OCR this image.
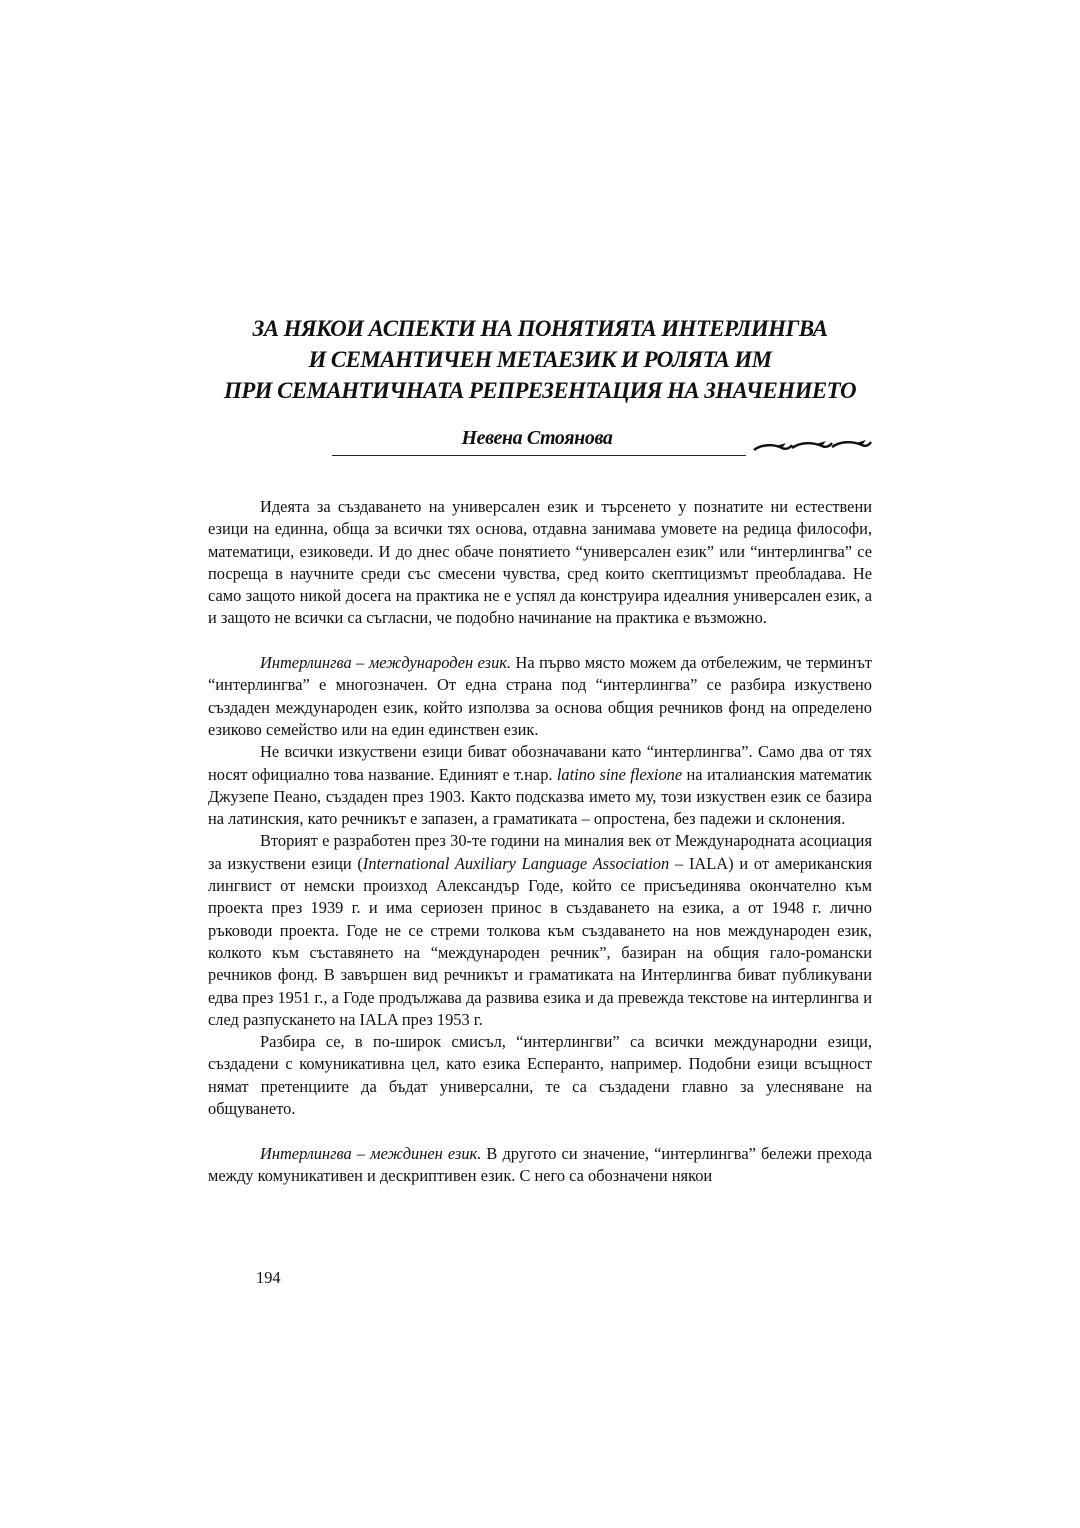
ЗА НЯКОИ АСПЕКТИ НА ПОНЯТИЯТА ИНТЕРЛИНГВА
И СЕМАНТИЧЕН МЕТАЕЗИК И РОЛЯТА ИМ
ПРИ СЕМАНТИЧНАТА РЕПРЕЗЕНТАЦИЯ НА ЗНАЧЕНИЕТО
Невена Стоянова

Идеята за създаването на универсален език и търсенето у познатите ни естествени езици на единна, обща за всички тях основа, отдавна занимава умовете на редица философи, математици, езиковеди. И до днес обаче понятието “универсален език” или “интерлингва” се посреща в научните среди със смесени чувства, сред които скептицизмът преобладава. Не само защото никой досега на практика не е успял да конструира идеалния универсален език, а и защото не всички са съгласни, че подобно начинание на практика е възможно.

Интерлингва – международен език. На първо място можем да отбележим, че терминът “интерлингва” е многозначен. От една страна под “интерлингва” се разбира изкуствено създаден международен език, който използва за основа общия речников фонд на определено езиково семейство или на един единствен език.

Не всички изкуствени езици биват обозначавани като “интерлингва”. Само два от тях носят официално това название. Единият е т.нар. latino sine flexione на италианския математик Джузепе Пеано, създаден през 1903. Както подсказва името му, този изкуствен език се базира на латинския, като речникът е запазен, а граматиката – опростена, без падежи и склонения.

Вторият е разработен през 30-те години на миналия век от Международната асоциация за изкуствени езици (International Auxiliary Language Association – IALA) и от американския лингвист от немски произход Александър Годе, който се присъединява окончателно към проекта през 1939 г. и има сериозен принос в създаването на езика, а от 1948 г. лично ръководи проекта. Годе не се стреми толкова към създаването на нов международен език, колкото към съставянето на “международен речник”, базиран на общия гало-романски речников фонд. В завършен вид речникът и граматиката на Интерлингва биват публикувани едва през 1951 г., а Годе продължава да развива езика и да превежда текстове на интерлингва и след разпускането на IALA през 1953 г.

Разбира се, в по-широк смисъл, “интерлингви” са всички международни езици, създадени с комуникативна цел, като езика Есперанто, например. Подобни езици всъщност нямат претенциите да бъдат универсални, те са създадени главно за улесняване на общуването.

Интерлингва – междинен език. В другото си значение, “интерлингва” бележи прехода между комуникативен и дескриптивен език. С него са обозначени някои

194
